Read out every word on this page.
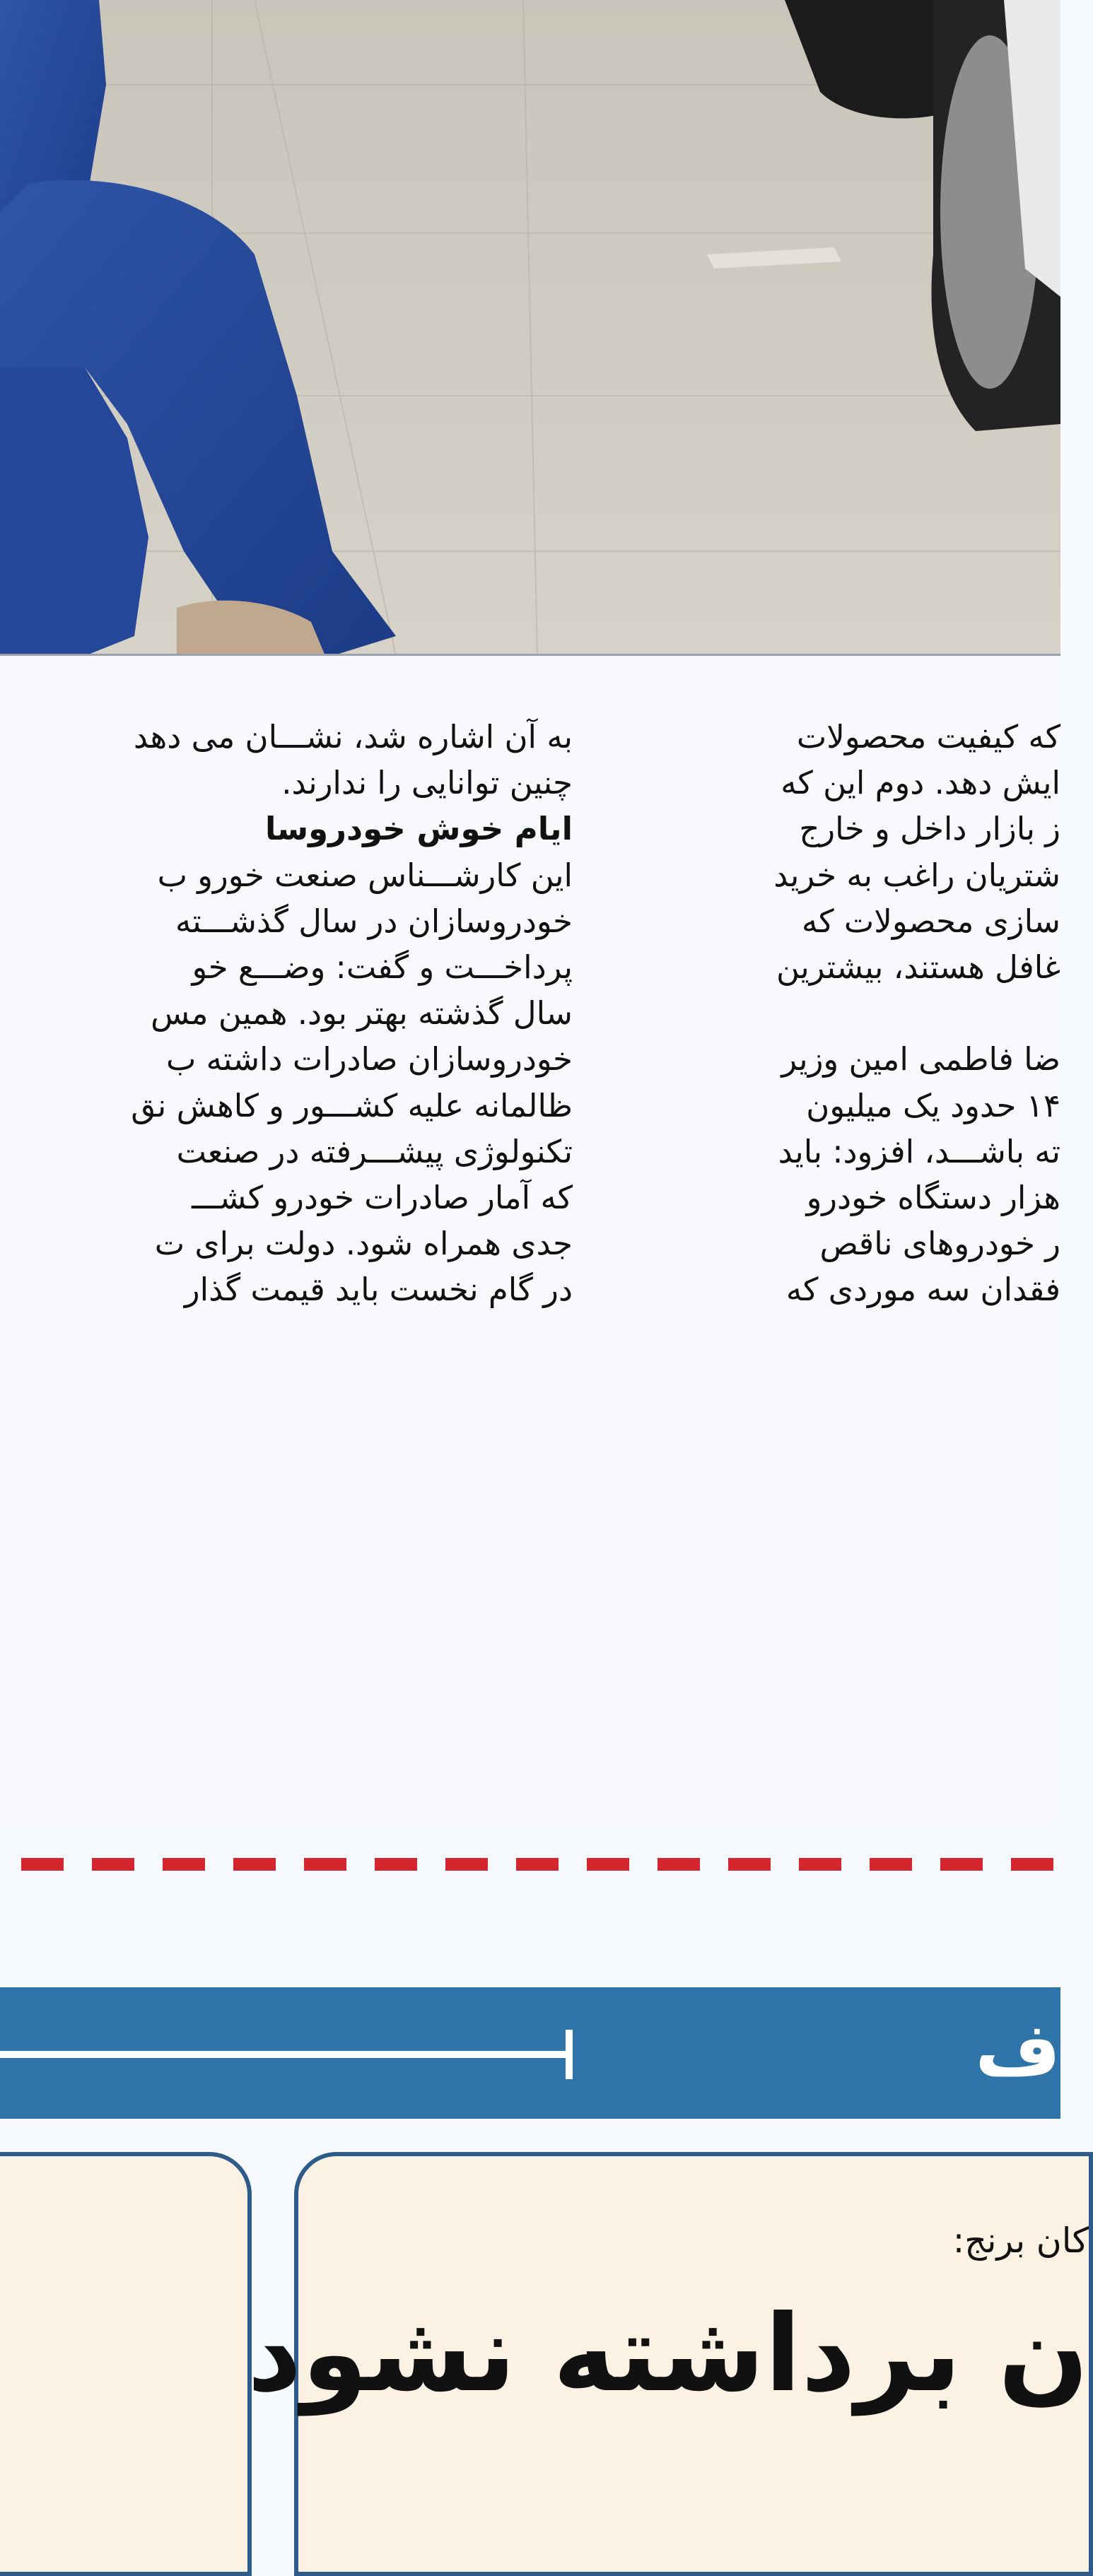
به آن اشاره شد، نشـــان می دهد

چنین توانایی را ندارند.

ایام خوش خودروسا

این کارشـــناس صنعت خورو ب

خودروسازان در سال گذشـــته

پرداخـــت و گفت: وضـــع خو

سال گذشته بهتر بود. همین مس

خودروسازان صادرات داشته ب

ظالمانه علیه کشـــور و کاهش نق

تکنولوژی پیشـــرفته در صنعت

که آمار صادرات خودرو کشـــ

جدی همراه شود. دولت برای ت

در گام نخست باید قیمت گذار

که کیفیت محصولات

ایش دهد. دوم این که

ز بازار داخل و خارج

شتریان راغب به خرید

سازی محصولات که

غافل هستند، بیشترین

ضا فاطمی امین وزیر

۱۴ حدود یک میلیون

ته باشـــد، افزود: باید

هزار دستگاه خودرو

ر خودروهای ناقص

فقدان سه موردی که

ف
کان برنج:
ن برداشته نشود
